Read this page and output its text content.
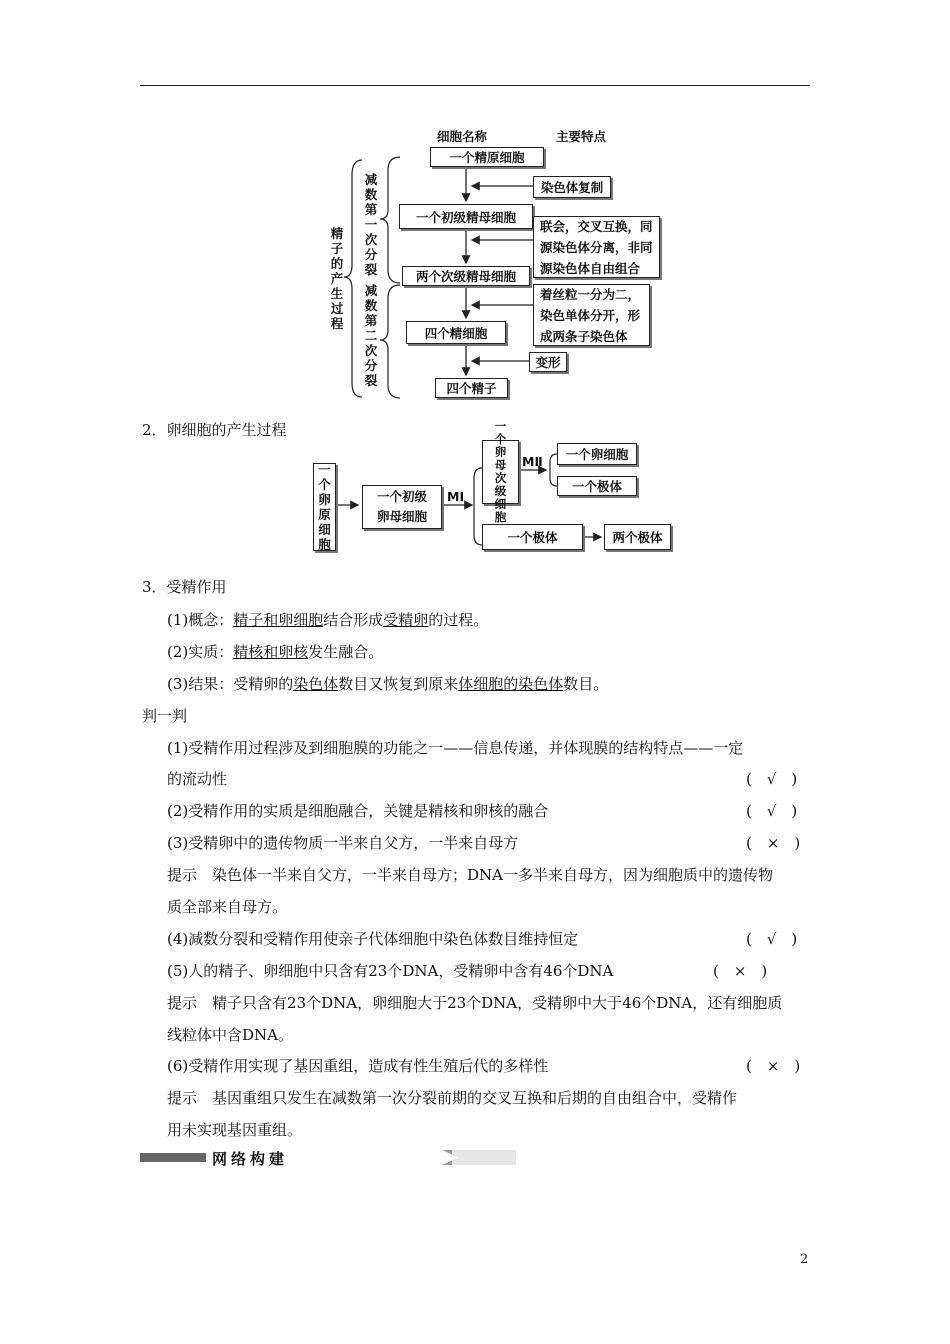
细胞名称	主要特点
精子的产生过程
减数第一次分裂
减数第二次分裂
一个精原细胞
一个初级精母细胞
两个次级精母细胞
四个精细胞
四个精子
染色体复制
联会，交叉互换，同
源染色体分离，非同
源染色体自由组合
着丝粒一分为二，
染色单体分开，形
成两条子染色体
变形
2．卵细胞的产生过程
一个卵原细胞
一个初级
卵母细胞
MⅠ
一个卵母次级细胞
MⅡ	一个卵细胞
一个极体
一个极体	两个极体
3．受精作用
(1)概念：精子和卵细胞结合形成受精卵的过程。
(2)实质：精核和卵核发生融合。
(3)结果：受精卵的染色体数目又恢复到原来体细胞的染色体数目。
判一判
(1)受精作用过程涉及到细胞膜的功能之一——信息传递，并体现膜的结构特点——一定
的流动性	(　√　)
(2)受精作用的实质是细胞融合，关键是精核和卵核的融合	(　√　)
(3)受精卵中的遗传物质一半来自父方，一半来自母方	(　×　)
提示　染色体一半来自父方，一半来自母方；DNA一多半来自母方，因为细胞质中的遗传物
质全部来自母方。
(4)减数分裂和受精作用使亲子代体细胞中染色体数目维持恒定	(　√　)
(5)人的精子、卵细胞中只含有23个DNA，受精卵中含有46个DNA	(　×　)
提示　精子只含有23个DNA，卵细胞大于23个DNA，受精卵中大于46个DNA，还有细胞质
线粒体中含DNA。
(6)受精作用实现了基因重组，造成有性生殖后代的多样性	(　×　)
提示　基因重组只发生在减数第一次分裂前期的交叉互换和后期的自由组合中，受精作
用未实现基因重组。
网络构建
2
